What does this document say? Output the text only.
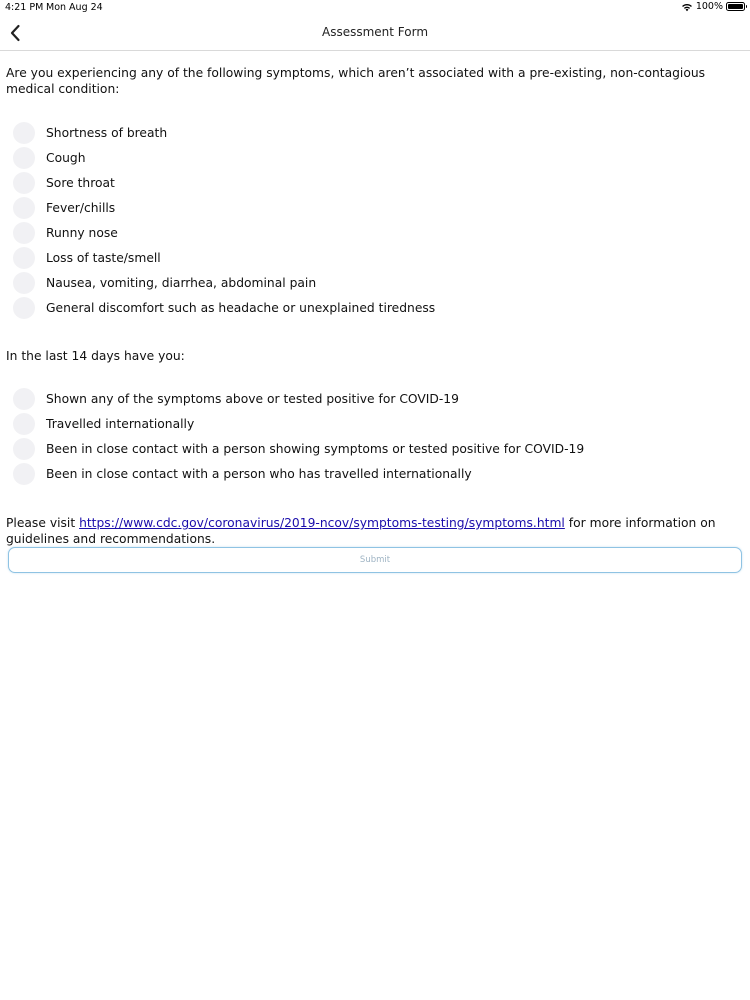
4:21 PM Mon Aug 24	100%
Assessment Form

Are you experiencing any of the following symptoms, which aren’t associated with a pre-existing, non-contagious medical condition:

Shortness of breath
Cough
Sore throat
Fever/chills
Runny nose
Loss of taste/smell
Nausea, vomiting, diarrhea, abdominal pain
General discomfort such as headache or unexplained tiredness

In the last 14 days have you:

Shown any of the symptoms above or tested positive for COVID-19
Travelled internationally
Been in close contact with a person showing symptoms or tested positive for COVID-19
Been in close contact with a person who has travelled internationally
Please visit https://www.cdc.gov/coronavirus/2019-ncov/symptoms-testing/symptoms.html for more information on guidelines and recommendations.
Submit
